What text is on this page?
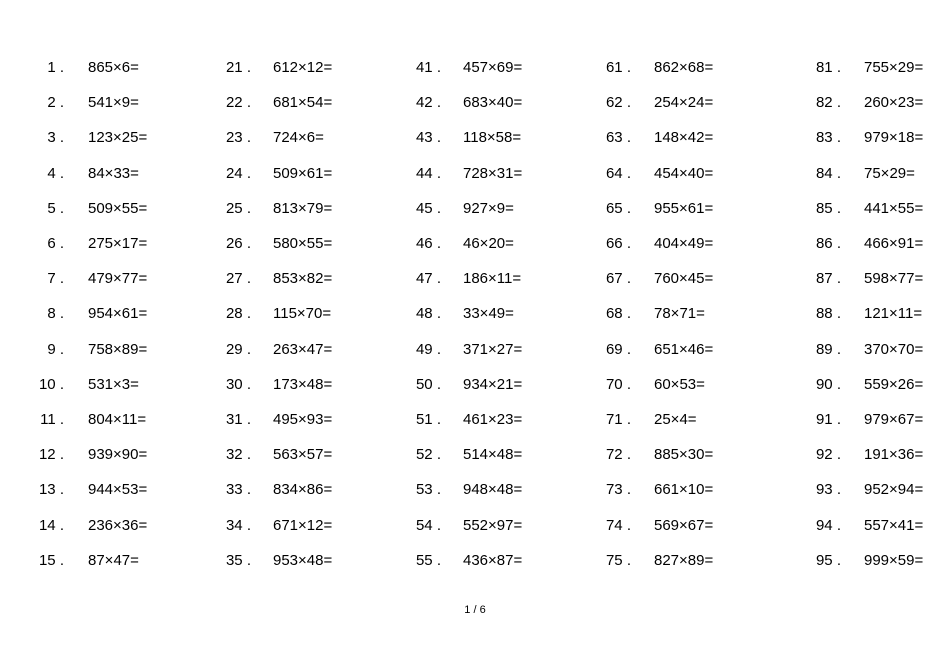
1 . 865×6=
2 . 541×9=
3 . 123×25=
4 . 84×33=
5 . 509×55=
6 . 275×17=
7 . 479×77=
8 . 954×61=
9 . 758×89=
10 . 531×3=
11 . 804×11=
12 . 939×90=
13 . 944×53=
14 . 236×36=
15 . 87×47=
21 . 612×12=
22 . 681×54=
23 . 724×6=
24 . 509×61=
25 . 813×79=
26 . 580×55=
27 . 853×82=
28 . 115×70=
29 . 263×47=
30 . 173×48=
31 . 495×93=
32 . 563×57=
33 . 834×86=
34 . 671×12=
35 . 953×48=
41 . 457×69=
42 . 683×40=
43 . 118×58=
44 . 728×31=
45 . 927×9=
46 . 46×20=
47 . 186×11=
48 . 33×49=
49 . 371×27=
50 . 934×21=
51 . 461×23=
52 . 514×48=
53 . 948×48=
54 . 552×97=
55 . 436×87=
61 . 862×68=
62 . 254×24=
63 . 148×42=
64 . 454×40=
65 . 955×61=
66 . 404×49=
67 . 760×45=
68 . 78×71=
69 . 651×46=
70 . 60×53=
71 . 25×4=
72 . 885×30=
73 . 661×10=
74 . 569×67=
75 . 827×89=
81 . 755×29=
82 . 260×23=
83 . 979×18=
84 . 75×29=
85 . 441×55=
86 . 466×91=
87 . 598×77=
88 . 121×11=
89 . 370×70=
90 . 559×26=
91 . 979×67=
92 . 191×36=
93 . 952×94=
94 . 557×41=
95 . 999×59=
1 / 6
